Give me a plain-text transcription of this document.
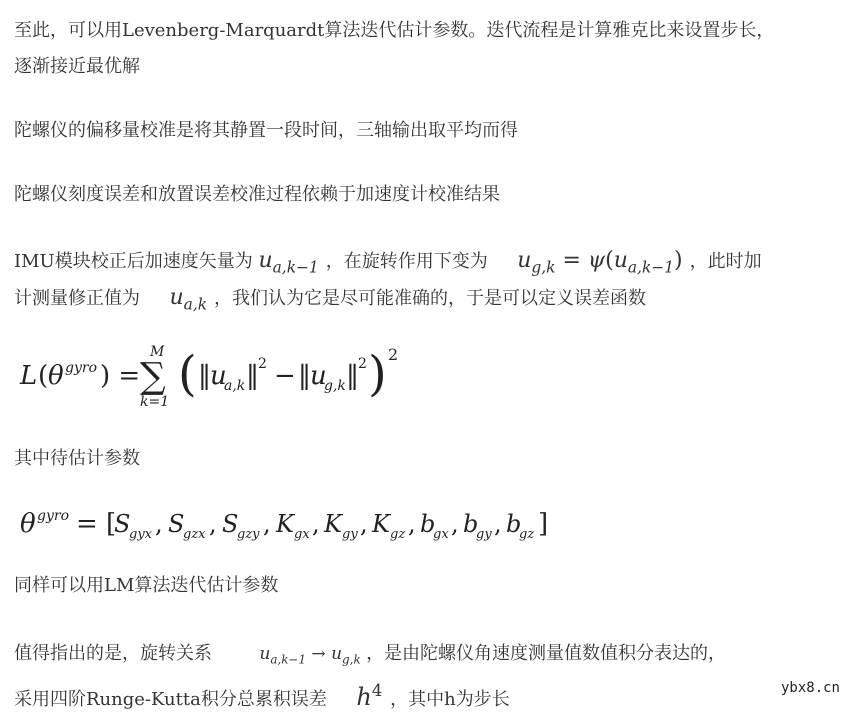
至此，可以用Levenberg-Marquardt算法迭代估计参数。迭代流程是计算雅克比来设置步长，

逐渐接近最优解

陀螺仪的偏移量校准是将其静置一段时间，三轴输出取平均而得

陀螺仪刻度误差和放置误差校准过程依赖于加速度计校准结果

IMU模块校正后加速度矢量为 $u_{a,k-1}$ ，在旋转作用下变为 $u_{g,k} = \psi(u_{a,k-1})$ ，此时加

计测量修正值为 $u_{a,k}$ ，我们认为它是尽可能准确的，于是可以定义误差函数

L ( θ gyro ) =
M
∑
k=1 ( ‖ u
a,k ‖ 2 − ‖ u
g,k ‖ 2 ) 2

其中待估计参数

θ gyro = [
S
gyx , S
gzx , S
gzy , K gx , K gy , K gz , b
gx , b
gy , b
gz ]

同样可以用LM算法迭代估计参数

值得指出的是，旋转关系	$u_{a,k-1} \to u_{g,k}$ ，是由陀螺仪角速度测量值数值积分表达的，

采用四阶Runge-Kutta积分总累积误差 $h^4$ ，其中h为步长

ybx8.cn
